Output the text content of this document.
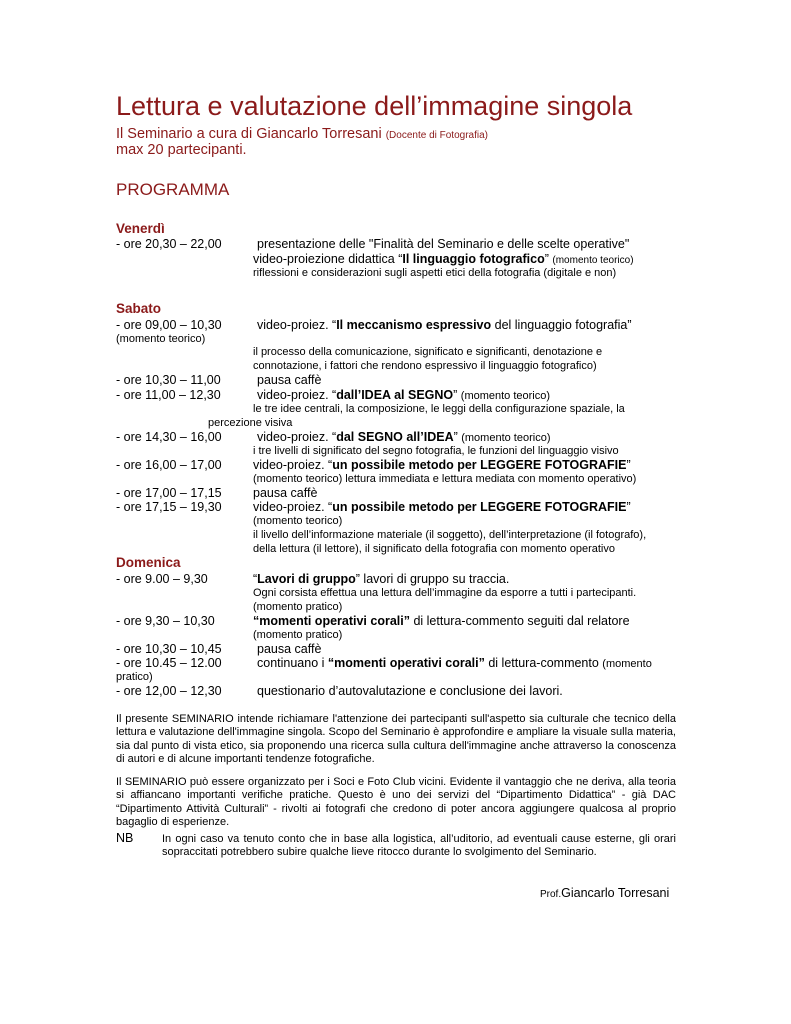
Lettura e valutazione dell’immagine singola
Il Seminario a cura di Giancarlo Torresani (Docente di Fotografia)
max 20 partecipanti.
PROGRAMMA
Venerdì
- ore 20,30 – 22,00	presentazione delle "Finalità del Seminario e delle scelte operative"
video-proiezione didattica “Il linguaggio fotografico” (momento teorico)
riflessioni e considerazioni sugli aspetti etici della fotografia (digitale e non)
Sabato
- ore 09,00 – 10,30	video-proiez. “Il meccanismo espressivo del linguaggio fotografia”
(momento teorico)
il processo della comunicazione, significato e significanti, denotazione e
connotazione, i fattori che rendono espressivo il linguaggio fotografico)
- ore 10,30 – 11,00	pausa caffè
- ore 11,00 – 12,30	video-proiez. “dall’IDEA al SEGNO” (momento teorico)
le tre idee centrali, la composizione, le leggi della configurazione spaziale, la
percezione visiva
- ore 14,30 – 16,00	video-proiez. “dal SEGNO all’IDEA” (momento teorico)
i tre livelli di significato del segno fotografia, le funzioni del linguaggio visivo
- ore 16,00 – 17,00	video-proiez. “un possibile metodo per LEGGERE FOTOGRAFIE”
(momento teorico) lettura immediata e lettura mediata con momento operativo)
- ore 17,00 – 17,15	pausa caffè
- ore 17,15 – 19,30	video-proiez. “un possibile metodo per LEGGERE FOTOGRAFIE”
(momento teorico)
il livello dell’informazione materiale (il soggetto), dell’interpretazione (il fotografo),
della lettura (il lettore), il significato della fotografia con momento operativo
Domenica
- ore 9.00 – 9,30	“Lavori di gruppo” lavori di gruppo su traccia.
Ogni corsista effettua una lettura dell’immagine da esporre a tutti i partecipanti.
(momento pratico)
- ore 9,30 – 10,30	“momenti operativi corali” di lettura-commento seguiti dal relatore
(momento pratico)
- ore 10,30 – 10,45	pausa caffè
- ore 10.45 – 12.00	continuano i “momenti operativi corali” di lettura-commento (momento
pratico)
- ore 12,00 – 12,30	questionario d’autovalutazione e conclusione dei lavori.

Il presente SEMINARIO intende richiamare l'attenzione dei partecipanti sull'aspetto sia culturale che tecnico della lettura e valutazione dell'immagine singola. Scopo del Seminario è approfondire e ampliare la visuale sulla materia, sia dal punto di vista etico, sia proponendo una ricerca sulla cultura dell'immagine anche attraverso la conoscenza di autori e di alcune importanti tendenze fotografiche.

Il SEMINARIO può essere organizzato per i Soci e Foto Club vicini. Evidente il vantaggio che ne deriva, alla teoria si affiancano importanti verifiche pratiche. Questo è uno dei servizi del “Dipartimento Didattica” - già DAC “Dipartimento Attività Culturali” - rivolti ai fotografi che credono di poter ancora aggiungere qualcosa al proprio bagaglio di esperienze.

NB	In ogni caso va tenuto conto che in base alla logistica, all’uditorio, ad eventuali cause esterne, gli orari sopraccitati potrebbero subire qualche lieve ritocco durante lo svolgimento del Seminario.

Prof.Giancarlo Torresani
